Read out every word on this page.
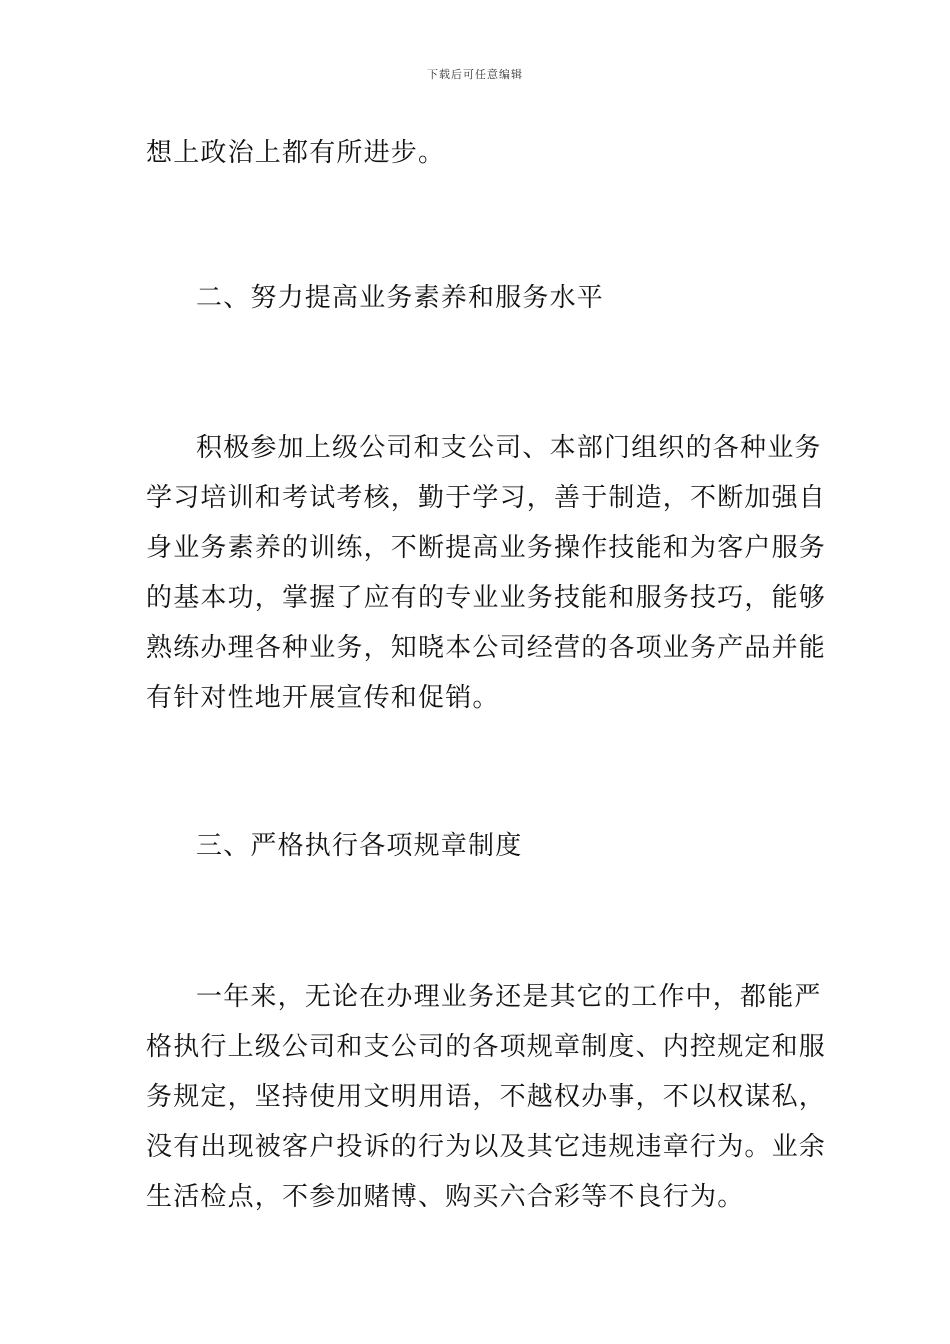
下载后可任意编辑

想上政治上都有所进步。

二、努力提高业务素养和服务水平
积极参加上级公司和支公司、本部门组织的各种业务
学习培训和考试考核，勤于学习，善于制造，不断加强自
身业务素养的训练，不断提高业务操作技能和为客户服务
的基本功，掌握了应有的专业业务技能和服务技巧，能够
熟练办理各种业务，知晓本公司经营的各项业务产品并能
有针对性地开展宣传和促销。
三、严格执行各项规章制度
一年来，无论在办理业务还是其它的工作中，都能严
格执行上级公司和支公司的各项规章制度、内控规定和服
务规定，坚持使用文明用语，不越权办事，不以权谋私，
没有出现被客户投诉的行为以及其它违规违章行为。业余
生活检点，不参加赌博、购买六合彩等不良行为。
